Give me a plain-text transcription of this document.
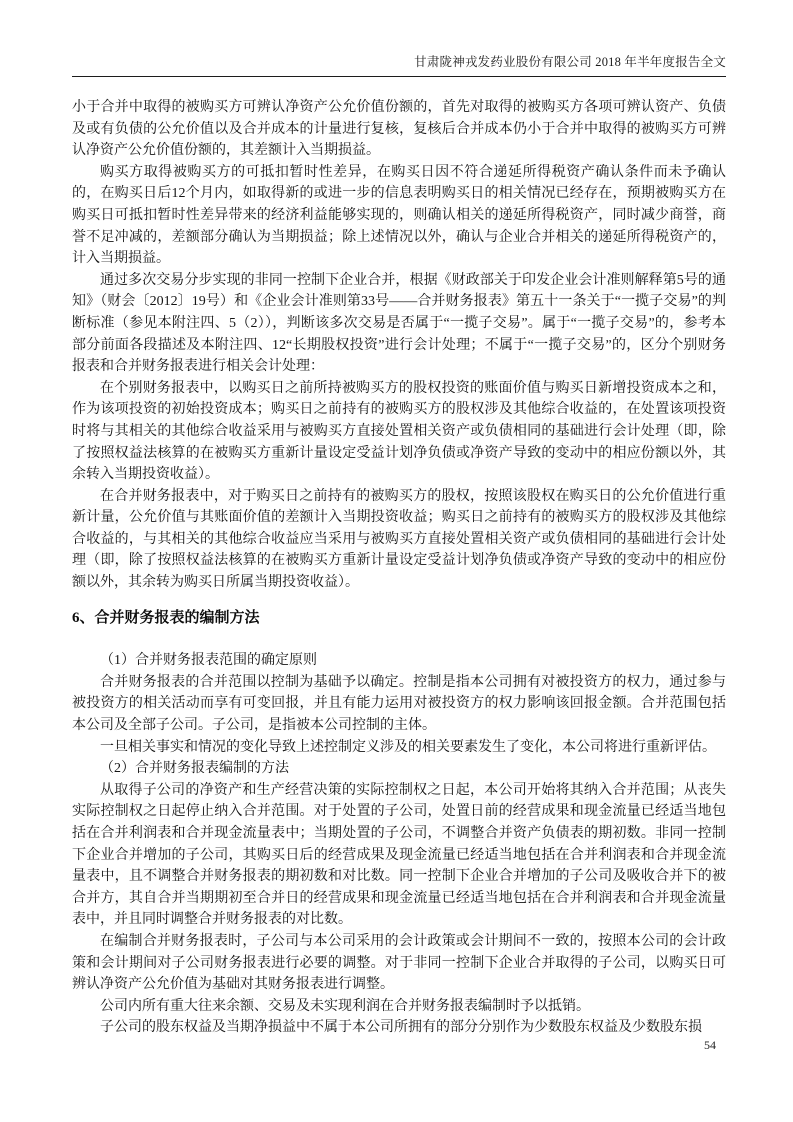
甘肃陇神戎发药业股份有限公司 2018 年半年度报告全文

小于合并中取得的被购买方可辨认净资产公允价值份额的，首先对取得的被购买方各项可辨认资产、负债及或有负债的公允价值以及合并成本的计量进行复核，复核后合并成本仍小于合并中取得的被购买方可辨认净资产公允价值份额的，其差额计入当期损益。

购买方取得被购买方的可抵扣暂时性差异，在购买日因不符合递延所得税资产确认条件而未予确认的，在购买日后12个月内，如取得新的或进一步的信息表明购买日的相关情况已经存在，预期被购买方在购买日可抵扣暂时性差异带来的经济利益能够实现的，则确认相关的递延所得税资产，同时减少商誉，商誉不足冲减的，差额部分确认为当期损益；除上述情况以外，确认与企业合并相关的递延所得税资产的，计入当期损益。

通过多次交易分步实现的非同一控制下企业合并，根据《财政部关于印发企业会计准则解释第5号的通知》（财会〔2012〕19号）和《企业会计准则第33号——合并财务报表》第五十一条关于“一揽子交易”的判断标准（参见本附注四、5（2）），判断该多次交易是否属于“一揽子交易”。属于“一揽子交易”的，参考本部分前面各段描述及本附注四、12“长期股权投资”进行会计处理；不属于“一揽子交易”的，区分个别财务报表和合并财务报表进行相关会计处理：

在个别财务报表中，以购买日之前所持被购买方的股权投资的账面价值与购买日新增投资成本之和，作为该项投资的初始投资成本；购买日之前持有的被购买方的股权涉及其他综合收益的，在处置该项投资时将与其相关的其他综合收益采用与被购买方直接处置相关资产或负债相同的基础进行会计处理（即，除了按照权益法核算的在被购买方重新计量设定受益计划净负债或净资产导致的变动中的相应份额以外，其余转入当期投资收益）。

在合并财务报表中，对于购买日之前持有的被购买方的股权，按照该股权在购买日的公允价值进行重新计量，公允价值与其账面价值的差额计入当期投资收益；购买日之前持有的被购买方的股权涉及其他综合收益的，与其相关的其他综合收益应当采用与被购买方直接处置相关资产或负债相同的基础进行会计处理（即，除了按照权益法核算的在被购买方重新计量设定受益计划净负债或净资产导致的变动中的相应份额以外，其余转为购买日所属当期投资收益）。

6、合并财务报表的编制方法

（1）合并财务报表范围的确定原则

合并财务报表的合并范围以控制为基础予以确定。控制是指本公司拥有对被投资方的权力，通过参与被投资方的相关活动而享有可变回报，并且有能力运用对被投资方的权力影响该回报金额。合并范围包括本公司及全部子公司。子公司，是指被本公司控制的主体。

一旦相关事实和情况的变化导致上述控制定义涉及的相关要素发生了变化，本公司将进行重新评估。

（2）合并财务报表编制的方法

从取得子公司的净资产和生产经营决策的实际控制权之日起，本公司开始将其纳入合并范围；从丧失实际控制权之日起停止纳入合并范围。对于处置的子公司，处置日前的经营成果和现金流量已经适当地包括在合并利润表和合并现金流量表中；当期处置的子公司，不调整合并资产负债表的期初数。非同一控制下企业合并增加的子公司，其购买日后的经营成果及现金流量已经适当地包括在合并利润表和合并现金流量表中，且不调整合并财务报表的期初数和对比数。同一控制下企业合并增加的子公司及吸收合并下的被合并方，其自合并当期期初至合并日的经营成果和现金流量已经适当地包括在合并利润表和合并现金流量表中，并且同时调整合并财务报表的对比数。

在编制合并财务报表时，子公司与本公司采用的会计政策或会计期间不一致的，按照本公司的会计政策和会计期间对子公司财务报表进行必要的调整。对于非同一控制下企业合并取得的子公司，以购买日可辨认净资产公允价值为基础对其财务报表进行调整。

公司内所有重大往来余额、交易及未实现利润在合并财务报表编制时予以抵销。

子公司的股东权益及当期净损益中不属于本公司所拥有的部分分别作为少数股东权益及少数股东损

54
